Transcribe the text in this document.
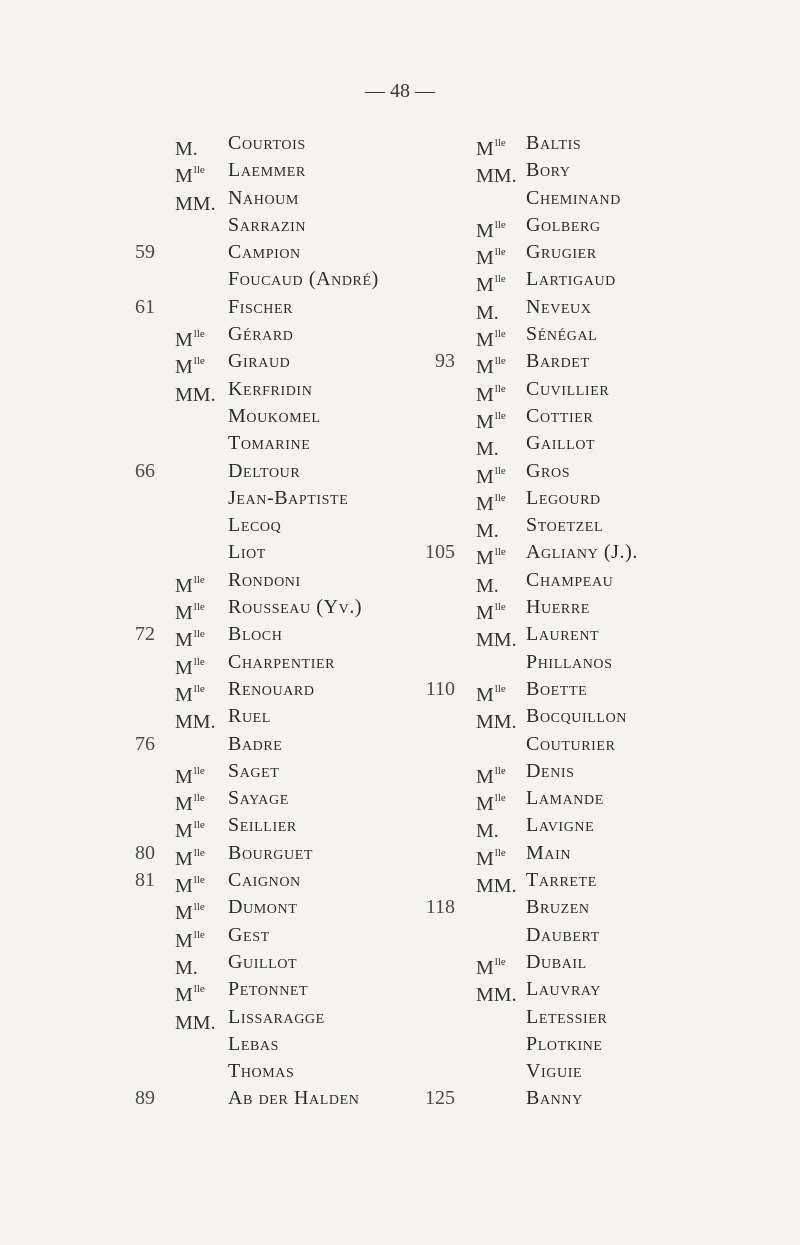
— 48 —
M. Courtois
$M^{lle}$ Laemmer
MM. Nahoum
Sarrazin
59	Campion
Foucaud (André)
61	Fischer
$M^{lle}$ Gérard
$M^{lle}$ Giraud
MM. Kerfridin
Moukomel
Tomarine
66	Deltour
Jean-Baptiste
Lecoq
Liot
$M^{lle}$ Rondoni
$M^{lle}$ Rousseau (Yv.)
72 $M^{lle}$ Bloch
$M^{lle}$ Charpentier
$M^{lle}$ Renouard
MM. Ruel
76	Badre
$M^{lle}$ Saget
$M^{lle}$ Sayage
$M^{lle}$ Seillier
80 $M^{lle}$ Bourguet
81 $M^{lle}$ Caignon
$M^{lle}$ Dumont
$M^{lle}$ Gest
M. Guillot
$M^{lle}$ Petonnet
MM. Lissaragge
Lebas
Thomas
89	Ab der Halden
$M^{lle}$ Baltis
MM. Bory
Cheminand
$M^{lle}$ Golberg
$M^{lle}$ Grugier
$M^{lle}$ Lartigaud
M. Neveux
$M^{lle}$ Sénégal
93 $M^{lle}$ Bardet
$M^{lle}$ Cuvillier
$M^{lle}$ Cottier
M. Gaillot
$M^{lle}$ Gros
$M^{lle}$ Legourd
M. Stoetzel
105 $M^{lle}$ Agliany (J.).
M. Champeau
$M^{lle}$ Huerre
MM. Laurent
Phillanos
110 $M^{lle}$ Boette
MM. Bocquillon
Couturier
$M^{lle}$ Denis
$M^{lle}$ Lamande
M. Lavigne
$M^{lle}$ Main
MM. Tarrete
118	Bruzen
Daubert
$M^{lle}$ Dubail
MM. Lauvray
Letessier
Plotkine
Viguie
125	Banny
